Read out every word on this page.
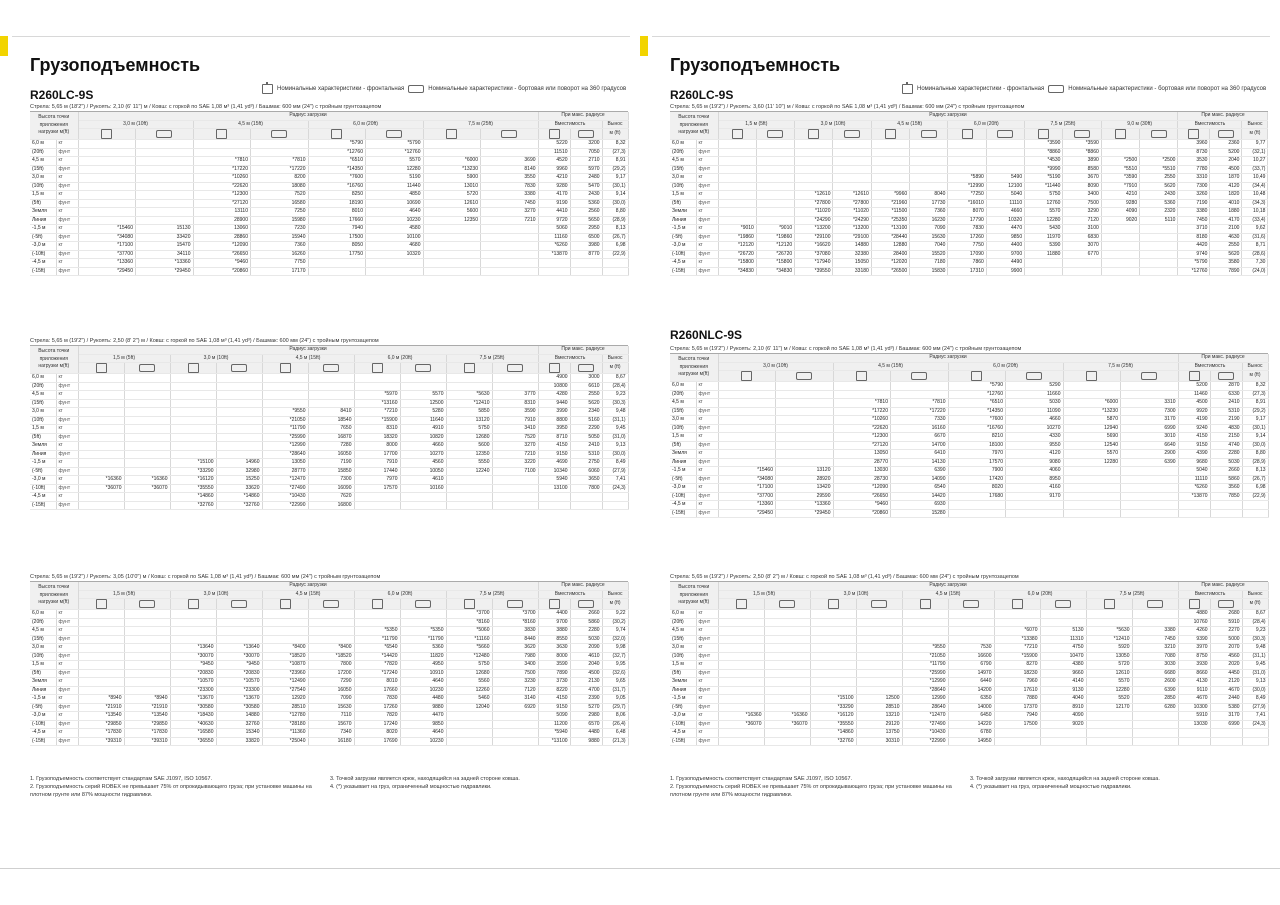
Грузоподъемность
Номинальные характеристики - фронтальная	Номинальные характеристики - бортовая или поворот на 360 градусов
R260LC-9S
Стрела: 5,65 м (18'2") / Рукоять: 2,10 (6' 11") м / Ковш: с горкой по SAE 1,08 м³ (1,41 yd³) / Башмак: 600 мм (24") с тройным грунтозацепом
Высота точки приложения нагрузки м(ft)		Радиус загрузки								При макс. радиусе		
		3,0 м (10ft)		4,5 м (15ft)		6,0 м (20ft)		7,5 м (25ft)		Вместимость		Вынос
												м (ft)
6,0 м	кг					*5790	*5790			5220	3200	8,32
(20ft)	фунт					*12760	*12760			11510	7050	(27,3)
4,5 м	кг			*7810	*7810	*6510	5570	*6000	3690	4520	2710	8,91
(15ft)	фунт			*17220	*17220	*14350	12280	*13230	8140	9960	5970	(29,2)
3,0 м	кг			*10260	8200	*7600	5190	5900	3550	4210	2480	9,17
(10ft)	фунт			*22620	18080	*16760	11440	13010	7830	9280	5470	(30,1)
1,5 м	кг			*12300	7520	8250	4850	5720	3380	4170	2430	9,14
(5ft)	фунт			*27120	16580	18190	10690	12610	7450	9190	5360	(30,0)
Земля	кг			13110	7250	8010	4640	5600	3270	4410	2560	8,80
Линия	фунт			28900	15980	17660	10230	12350	7210	9720	5650	(28,9)
-1,5 м	кг	*15460	15130	13060	7230	7940	4580			5060	2950	8,13
(-5ft)	фунт	*34080	33420	28860	15940	17500	10100			11160	6500	(26,7)
-3,0 м	кг	*17100	15470	*12090	7360	8050	4680			*6260	3980	6,98
(-10ft)	фунт	*37700	34110	*26650	16260	17750	10320			*13870	8770	(22,9)
-4,5 м	кг	*13360	*13360	*9460	7750							
(-15ft)	фунт	*29450	*29450	*20860	17170							
Стрела: 5,65 м (19'2") / Рукоять: 2,50 (8' 2") м / Ковш: с горкой по SAE 1,08 м³ (1,41 yd³) / Башмак: 600 мм (24") с тройным грунтозацепом
Высота точки приложения нагрузки м(ft)		Радиус загрузки										При макс. радиусе		
		1,5 м (5ft)		3,0 м (10ft)		4,5 м (15ft)		6,0 м (20ft)		7,5 м (25ft)		Вместимость		Вынос
														м (ft)
6,0 м	кг											4900	3000	8,67
(20ft)	фунт											10800	6610	(28,4)
4,5 м	кг							*5970	5570	*5630	3770	4280	2550	9,23
(15ft)	фунт							*13160	12500	*12410	8310	9440	5620	(30,3)
3,0 м	кг					*9550	8410	*7210	5280	5850	3590	3990	2340	9,48
(10ft)	фунт					*21050	18540	*15900	11640	13120	7910	8800	5160	(31,1)
1,5 м	кг					*11790	7650	8310	4910	5750	3410	3950	2290	9,45
(5ft)	фунт					*25990	16870	18320	10820	12680	7520	8710	5050	(31,0)
Земля	кг					*12990	7280	8000	4660	5600	3270	4150	2410	9,13
Линия	фунт					*28640	16050	17700	10270	12350	7210	9150	5310	(30,0)
-1,5 м	кг			*15100	14960	13050	7190	7910	4560	5550	3220	4690	2750	8,49
(-5ft)	фунт			*33290	32980	28770	15850	17440	10050	12240	7100	10340	6060	(27,9)
-3,0 м	кг	*16360	*16360	*16120	15250	*12470	7300	7970	4610			5940	3650	7,41
(-10ft)	фунт	*36070	*36070	*35550	33620	*27490	16090	17570	10160			13100	7800	(24,3)
-4,5 м	кг			*14860	*14860	*10430	7620							
(-15ft)	фунт			*32760	*32760	*22990	16800							
Стрела: 5,65 м (19'2") / Рукоять: 3,05 (10'0") м / Ковш: с горкой по SAE 1,08 м³ (1,41 yd³) / Башмак: 600 мм (24") с тройным грунтозацепом
Высота точки приложения нагрузки м(ft)		Радиус загрузки										При макс. радиусе		
		1,5 м (5ft)		3,0 м (10ft)		4,5 м (15ft)		6,0 м (20ft)		7,5 м (25ft)		Вместимость		Вынос
														м (ft)
6,0 м	кг									*3700	*3700	4400	2660	9,22
(20ft)	фунт									*8160	*8160	9700	5860	(30,2)
4,5 м	кг							*5350	*5350	*5060	3830	3880	2280	9,74
(15ft)	фунт							*11790	*11790	*11160	8440	8550	5030	(32,0)
3,0 м	кг			*13640	*13640	*8400	*8400	*6540	5360	*5660	3620	3630	2090	9,98
(10ft)	фунт			*30070	*30070	*18520	*18520	*14420	11820	*12480	7980	8000	4610	(32,7)
1,5 м	кг			*9450	*9450	*10870	7800	*7820	4950	5750	3400	3590	2040	9,95
(5ft)	фунт			*20830	*20830	*23960	17200	*17240	10910	12680	7500	7890	4500	(32,6)
Земля	кг			*10570	*10570	*12490	7290	8010	4640	5560	3230	3730	2130	9,65
Линия	фунт			*23300	*23300	*27540	16050	17660	10230	12260	7120	8220	4700	(31,7)
-1,5 м	кг	*8940	*8940	*13670	*13670	12920	7090	7830	4480	5460	3140	4150	2390	9,05
(-5ft)	фунт	*21910	*21910	*30580	*30580	28510	15630	17260	9880	12040	6920	9150	5270	(29,7)
-3,0 м	кг	*13540	*13540	*18430	14880	*12780	7110	7820	4470			5090	2980	8,06
(-10ft)	фунт	*29850	*29850	*40630	32760	*28180	15670	17240	9850			11200	6570	(26,4)
-4,5 м	кг	*17830	*17830	*16580	15340	*11360	7340	8020	4640			*5940	4480	6,48
(-15ft)	фунт	*39310	*39310	*36550	33820	*25040	16180	17690	10230			*13100	9880	(21,3)
1. Грузоподъемность соответствует стандартам SAE J1097, ISO 10567.
2. Грузоподъемность серий ROBEX не превышает 75% от опрокидывающего груза; при установке машины на плотном грунте или 87% мощности гидравлики.
3. Точкой загрузки является крюк, находящийся на задней стороне ковша.
4. (*) указывает на груз, ограниченный мощностью гидравлики.
Грузоподъемность
Номинальные характеристики - фронтальная	Номинальные характеристики - бортовая или поворот на 360 градусов
R260LC-9S
Стрела: 5,65 м (19'2") / Рукоять: 3,60 (11' 10") м / Ковш: с горкой по SAE 1,08 м³ (1,41 yd³) / Башмак: 600 мм (24") с тройным грунтозацепом
Высота точки приложения нагрузки м(ft)		Радиус загрузки												При макс. радиусе		
		1,5 м (5ft)		3,0 м (10ft)		4,5 м (15ft)		6,0 м (20ft)		7,5 м (25ft)		9,0 м (30ft)		Вместимость		Вынос
																м (ft)
6,0 м	кг									*3590	*3590			3960	2360	9,77
(20ft)	фунт									*8860	*8860			8730	5200	(32,1)
4,5 м	кг									*4530	3890	*2500	*2500	3530	2040	10,27
(15ft)	фунт									*9990	8580	*5510	*5510	7780	4500	(33,7)
3,0 м	кг							*5890	5490	*5190	3670	*3590	2550	3310	1870	10,49
(10ft)	фунт							*12990	12100	*11440	8090	*7910	5620	7300	4120	(34,4)
1,5 м	кг			*12610	*12610	*9960	8040	*7250	5040	5750	3400	4210	2430	3260	1820	10,48
(5ft)	фунт			*27800	*27800	*21960	17730	*16010	11110	12760	7500	9280	5360	7190	4010	(34,3)
Земли	кг			*11020	*11020	*11500	7360	8070	4660	5570	3290	4090	2320	3380	1880	10,18
Линия	фунт			*24290	*24290	*25350	16230	17790	10320	12280	7120	9020	5110	7450	4170	(33,4)
-1,5 м	кг	*9010	*9010	*13200	*13200	*13100	7090	7830	4470	5430	3100			3710	2100	9,62
(-5ft)	фунт	*19860	*19860	*29100	*29100	*28440	15630	17260	9850	11970	6830			8180	4630	(31,6)
-3,0 м	кг	*12120	*12120	*16620	14880	12880	7040	7750	4400	5390	3070			4420	2550	8,71
(-10ft)	фунт	*26720	*26720	*37080	32380	28400	15520	17090	9700	11880	6770			9740	5620	(28,6)
-4,5 м	кг	*15800	*15800	*17940	15050	*12020	7180	7860	4490					*5790	3580	7,30
(-15ft)	фунт	*34830	*34830	*39550	33180	*26500	15830	17310	9900					*12760	7890	(24,0)
R260NLC-9S
Стрела: 5,65 м (19'2") / Рукоять: 2,10 (6' 11") м / Ковш: с горкой по SAE 1,08 м³ (1,41 yd³) / Башмак: 600 мм (24") с тройным грунтозацепом
Высота точки приложения нагрузки м(ft)		Радиус загрузки								При макс. радиусе		
		3,0 м (10ft)		4,5 м (15ft)		6,0 м (20ft)		7,5 м (25ft)		Вместимость		Вынос
												м (ft)
6,0 м	кг					*5790	5290			5200	2870	8,32
(20ft)	фунт					*12760	11660			11460	6330	(27,3)
4,5 м	кг			*7810	*7810	*6510	5030	*6000	3310	4500	2410	8,91
(15ft)	фунт			*17220	*17220	*14350	11090	*13230	7300	9920	5310	(29,2)
3,0 м	кг			*10260	7330	*7600	4660	5870	3170	4190	2190	9,17
(10ft)	фунт			*22620	16160	*16760	10270	12940	6990	9240	4830	(30,1)
1,5 м	кг			*12300	6670	8210	4330	5690	3010	4150	2150	9,14
(5ft)	фунт			*27120	14700	18100	9550	12540	6640	9150	4740	(30,0)
Земля	кг			13050	6410	7970	4120	5570	2900	4390	2280	8,80
Линия	фунт			28770	14130	17570	9080	12280	6390	9680	5030	(28,9)
-1,5 м	кг	*15460	13120	13030	6390	7900	4060			5040	2660	8,13
(-5ft)	фунт	*34080	28920	28730	14090	17420	8950			11110	5860	(26,7)
-3,0 м	кг	*17100	13420	*12090	6540	8020	4160			*6260	3560	6,98
(-10ft)	фунт	*37700	29590	*26650	14420	17680	9170			*13870	7850	(22,9)
-4,5 м	кг	*13360	*13360	*9460	6930							
(-15ft)	фунт	*29450	*29450	*20860	15280							
Стрела: 5,65 м (19'2") / Рукоять: 2,50 (8' 2") м / Ковш: с горкой по SAE 1,08 м³ (1,41 yd³) / Башмак: 600 мм (24") с тройным грунтозацепом
Высота точки приложения нагрузки м(ft)		Радиус загрузки										При макс. радиусе		
		1,5 м (5ft)		3,0 м (10ft)		4,5 м (15ft)		6,0 м (20ft)		7,5 м (25ft)		Вместимость		Вынос
														м (ft)
6,0 м	кг											4880	2680	8,67
(20ft)	фунт											10760	5910	(28,4)
4,5 м	кг							*6070	5130	*5630	3380	4260	2270	9,23
(15ft)	фунт							*13380	11310	*12410	7450	9390	5000	(30,3)
3,0 м	кг					*9550	7530	*7210	4750	5920	3210	3970	2070	9,48
(10ft)	фунт					*21050	16600	*15900	10470	13050	7080	8750	4560	(31,1)
1,5 м	кг					*11790	6790	8270	4380	5720	3030	3930	2020	9,45
(5ft)	фунт					*25990	14970	18230	9660	12610	6680	8660	4450	(31,0)
Земли	кг					*12990	6440	7960	4140	5570	2600	4130	2120	9,13
Линия	фунт					*28640	14200	17610	9130	12280	6390	9110	4670	(30,0)
-1,5 м	кг			*15100	12500	12990	6350	7880	4040	5520	2850	4670	2440	8,49
(-5ft)	фунт			*33290	28510	28640	14000	17370	8910	12170	6280	10300	5380	(27,9)
-3,0 м	кг	*16360	*16360	*16120	13210	*12470	6450	7940	4090			5910	3170	7,41
(-10ft)	фунт	*36070	*36070	*35550	29120	*27490	14220	17500	9020			13030	6990	(24,3)
-4,5 м	кг			*14860	13750	*10430	6780							
(-15ft)	фунт			*32760	30310	*22990	14950							
1. Грузоподъемность соответствует стандартам SAE J1097, ISO 10567.
2. Грузоподъемность серий ROBEX не превышает 75% от опрокидывающего груза; при установке машины на плотном грунте или 87% мощности гидравлики.
3. Точкой загрузки является крюк, находящийся на задней стороне ковша.
4. (*) указывает на груз, ограниченный мощностью гидравлики.
